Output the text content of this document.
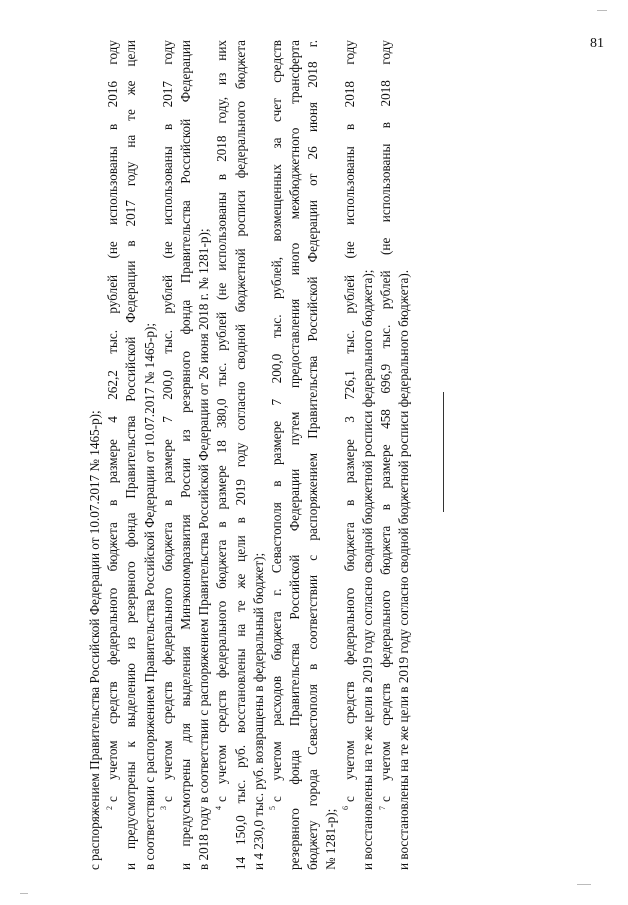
81
с распоряжением Правительства Российской Федерации от 10.07.2017 № 1465-р); $^2$с учетом средств федерального бюджета в размере 4 262,2 тыс. рублей (не использованы в 2016 году и предусмотрены к выделению из резервного фонда Правительства Российской Федерации в 2017 году на те же цели в соответствии с распоряжением Правительства Российской Федерации от 10.07.2017 № 1465-р); $^3$с учетом средств федерального бюджета в размере 7 200,0 тыс. рублей (не использованы в 2017 году и предусмотрены для выделения Минэкономразвития России из резервного фонда Правительства Российской Федерации в 2018 году в соответствии с распоряжением Правительства Российской Федерации от 26 июня 2018 г. № 1281-р); $^4$с учетом средств федерального бюджета в размере 18 380,0 тыс. рублей (не использованы в 2018 году, из них 14 150,0 тыс. руб. восстановлены на те же цели в 2019 году согласно сводной бюджетной росписи федерального бюджета и 4 230,0 тыс. руб. возвращены в федеральный бюджет); $^5$с учетом расходов бюджета г. Севастополя в размере 7 200,0 тыс. рублей, возмещенных за счет средств резервного фонда Правительства Российской Федерации путем предоставления иного межбюджетного трансферта бюджету города Севастополя в соответствии с распоряжением Правительства Российской Федерации от 26 июня 2018 г. № 1281-р);
$^6$с учетом средств федерального бюджета в размере 3 726,1 тыс. рублей (не использованы в 2018 году и восстановлены на те же цели в 2019 году согласно сводной бюджетной росписи федерального бюджета); $^7$с учетом средств федерального бюджета в размере 458 696,9 тыс. рублей (не использованы в 2018 году и восстановлены на те же цели в 2019 году согласно сводной бюджетной росписи федерального бюджета).
